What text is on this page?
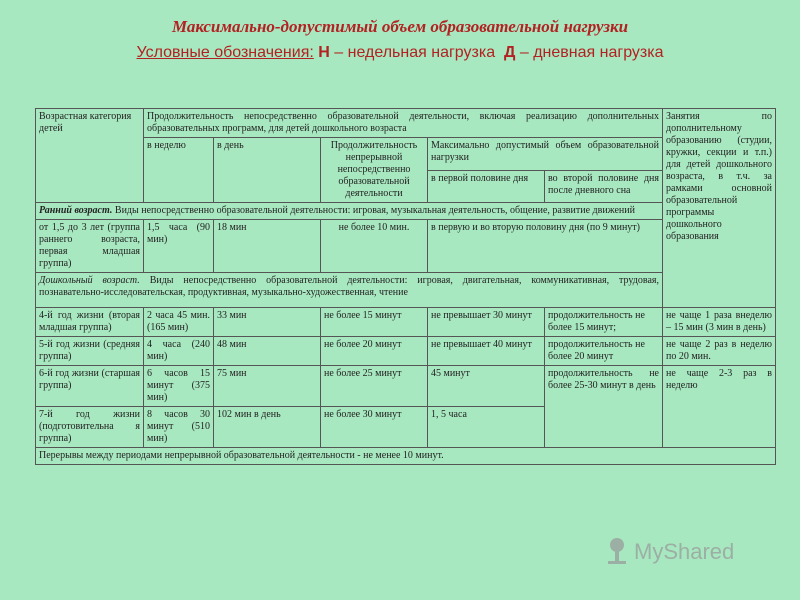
Максимально-допустимый объем образовательной нагрузки
Условные обозначения: Н – недельная нагрузка Д – дневная нагрузка
Возрастная категория детей	Продолжительность непосредственно образовательной деятельности, включая реализацию дополнительных образовательных программ, для детей дошкольного возраста					Занятия по дополнительному образованию (студии, кружки, секции и т.п.) для детей дошкольного возраста, в т.ч. за рамками основной образовательной программы дошкольного образования
	в неделю	в день	Продолжительность непрерывной непосредственно образовательной деятельности	Максимально допустимый объем образовательной нагрузки		
				в первой половине дня	во второй половине дня после дневного сна	
Ранний возраст. Виды непосредственно образовательной деятельности: игровая, музыкальная деятельность, общение, развитие движений						
от 1,5 до 3 лет (группа раннего возраста, первая младшая группа)	1,5 часа (90 мин)	18 мин	не более 10 мин.	в первую и во вторую половину дня (по 9 минут)		
Дошкольный возраст. Виды непосредственно образовательной деятельности: игровая, двигательная, коммуникативная, трудовая, познавательно-исследовательская, продуктивная, музыкально-художественная, чтение						
4-й год жизни (вторая младшая группа)	2 часа 45 мин. (165 мин)	33 мин	не более 15 минут	не превышает 30 минут	продолжительность не более 15 минут;	не чаще 1 раза внеделю – 15 мин (3 мин в день)
5-й год жизни (средняя группа)	4 часа (240 мин)	48 мин	не более 20 минут	не превышает 40 минут	продолжительность не более 20 минут	не чаще 2 раз в неделю по 20 мин.
6-й год жизни (старшая группа)	6 часов 15 минут (375 мин)	75 мин	не более 25 минут	45 минут	продолжительность не более 25-30 минут в день	не чаще 2-3 раз в неделю
7-й год жизни (подготовительна я группа)	8 часов 30 минут (510 мин)	102 мин в день	не более 30 минут	1, 5 часа		
Перерывы между периодами непрерывной образовательной деятельности - не менее 10 минут.						
MyShared
